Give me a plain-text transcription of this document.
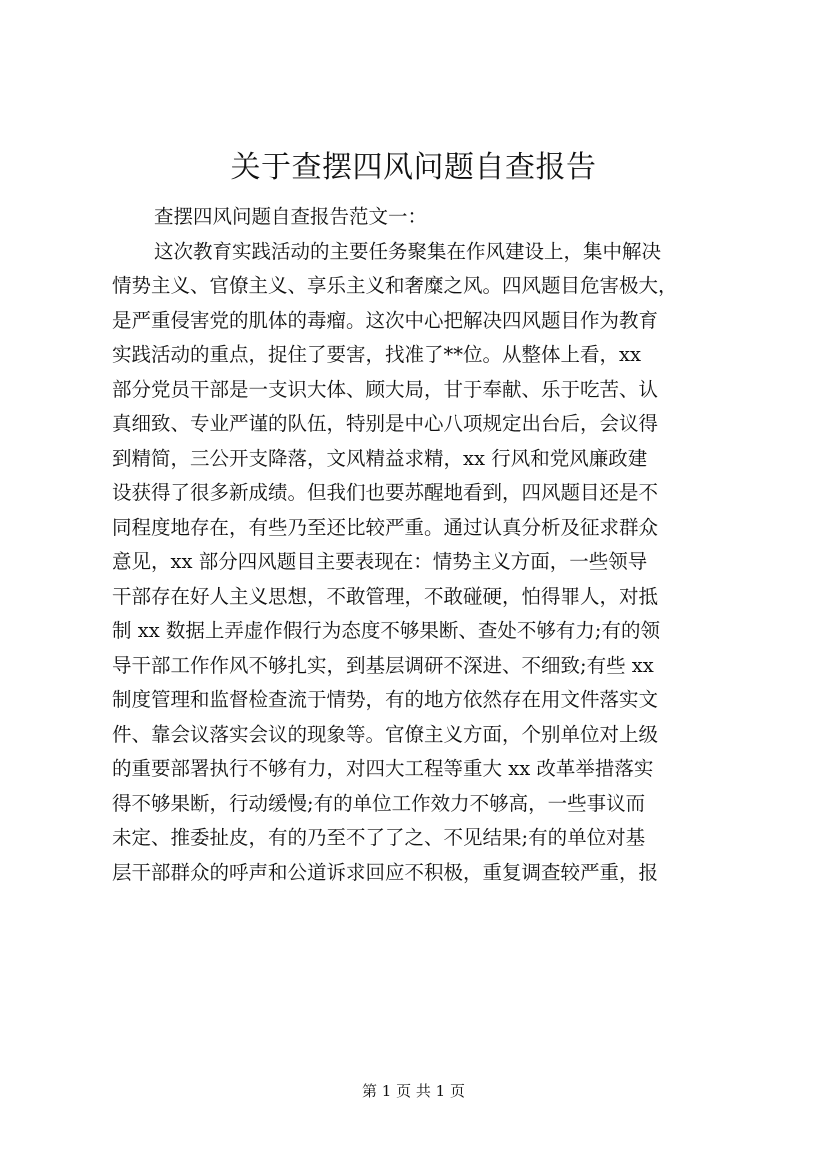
关于查摆四风问题自查报告
查摆四风问题自查报告范文一：
这次教育实践活动的主要任务聚集在作风建设上，集中解决
情势主义、官僚主义、享乐主义和奢糜之风。四风题目危害极大，
是严重侵害党的肌体的毒瘤。这次中心把解决四风题目作为教育
实践活动的重点，捉住了要害，找准了**位。从整体上看，xx
部分党员干部是一支识大体、顾大局，甘于奉献、乐于吃苦、认
真细致、专业严谨的队伍，特别是中心八项规定出台后，会议得
到精简，三公开支降落，文风精益求精，xx 行风和党风廉政建
设获得了很多新成绩。但我们也要苏醒地看到，四风题目还是不
同程度地存在，有些乃至还比较严重。通过认真分析及征求群众
意见，xx 部分四风题目主要表现在：情势主义方面，一些领导
干部存在好人主义思想，不敢管理，不敢碰硬，怕得罪人，对抵
制 xx 数据上弄虚作假行为态度不够果断、查处不够有力;有的领
导干部工作作风不够扎实，到基层调研不深进、不细致;有些 xx
制度管理和监督检查流于情势，有的地方依然存在用文件落实文
件、靠会议落实会议的现象等。官僚主义方面，个别单位对上级
的重要部署执行不够有力，对四大工程等重大 xx 改革举措落实
得不够果断，行动缓慢;有的单位工作效力不够高，一些事议而
未定、推委扯皮，有的乃至不了了之、不见结果;有的单位对基
层干部群众的呼声和公道诉求回应不积极，重复调查较严重，报
第 1 页 共 1 页
